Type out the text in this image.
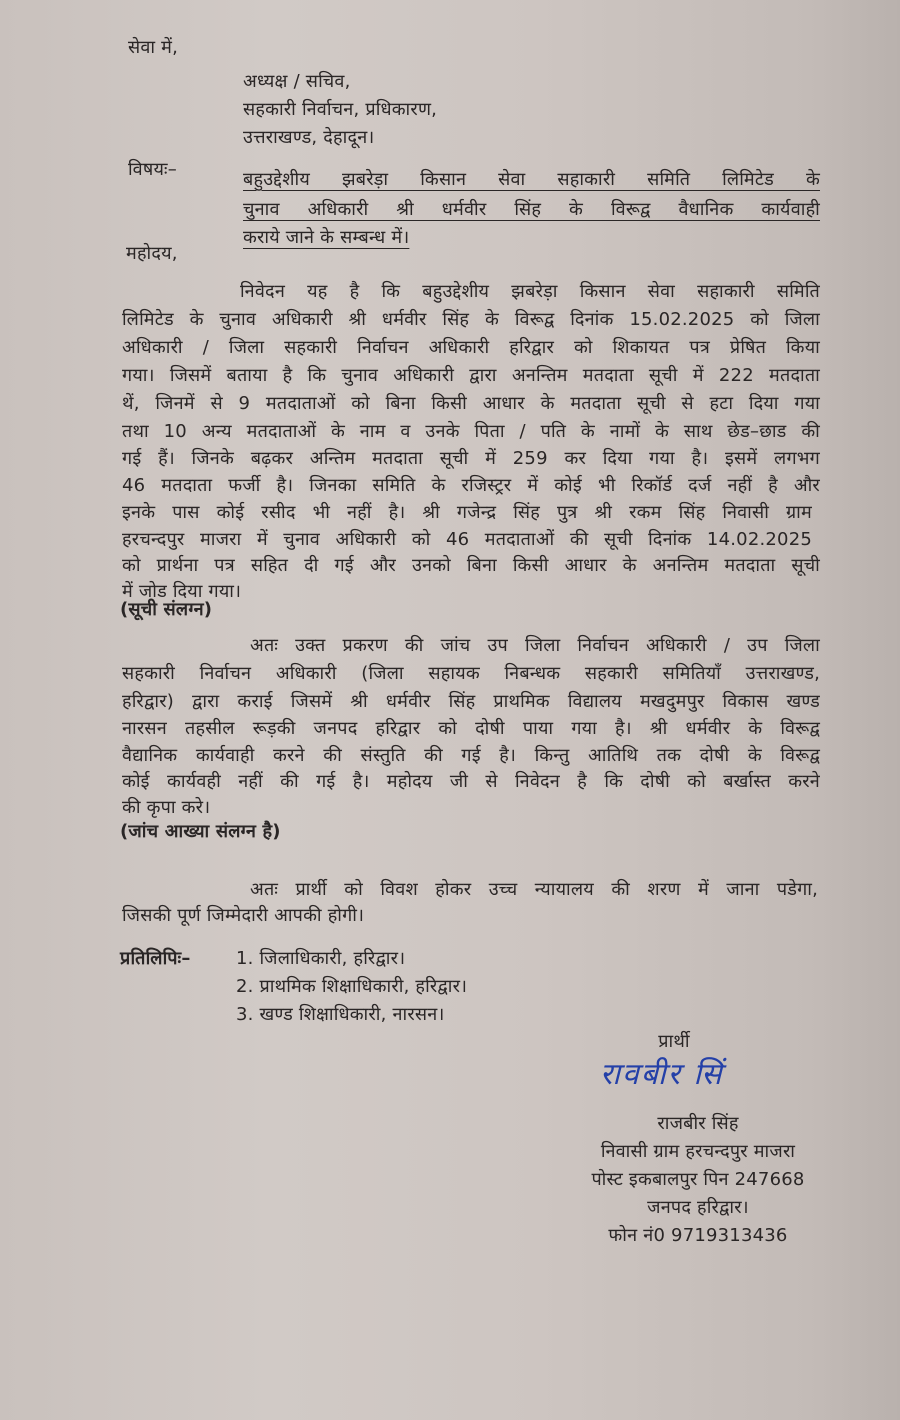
सेवा में,
अध्यक्ष / सचिव,
सहकारी निर्वाचन, प्रधिकारण,
उत्तराखण्ड, देहादून।
विषयः–	बहुउद्देशीय झबरेड़ा किसान सेवा सहाकारी समिति लिमिटेड के
चुनाव अधिकारी श्री धर्मवीर सिंह के विरूद्व वैधानिक कार्यवाही
कराये जाने के सम्बन्ध में।
महोदय,
निवेदन यह है कि बहुउद्देशीय झबरेड़ा किसान सेवा सहाकारी समिति
लिमिटेड के चुनाव अधिकारी श्री धर्मवीर सिंह के विरूद्व दिनांक 15.02.2025 को जिला
अधिकारी / जिला सहकारी निर्वाचन अधिकारी हरिद्वार को शिकायत पत्र प्रेषित किया
गया। जिसमें बताया है कि चुनाव अधिकारी द्वारा अनन्तिम मतदाता सूची में 222 मतदाता
थें, जिनमें से 9 मतदाताओं को बिना किसी आधार के मतदाता सूची से हटा दिया गया
तथा 10 अन्य मतदाताओं के नाम व उनके पिता / पति के नामों के साथ छेड–छाड की
गई हैं। जिनके बढ़कर अन्तिम मतदाता सूची में 259 कर दिया गया है। इसमें लगभग
46 मतदाता फर्जी है। जिनका समिति के रजिस्ट्रर में कोई भी रिकॉर्ड दर्ज नहीं है और
इनके पास कोई रसीद भी नहीं है। श्री गजेन्द्र सिंह पुत्र श्री रकम सिंह निवासी ग्राम
हरचन्दपुर माजरा में चुनाव अधिकारी को 46 मतदाताओं की सूची दिनांक 14.02.2025
को प्रार्थना पत्र सहित दी गई और उनको बिना किसी आधार के अनन्तिम मतदाता सूची
में जोड दिया गया।
(सूची संलग्न)
अतः उक्त प्रकरण की जांच उप जिला निर्वाचन अधिकारी / उप जिला
सहकारी निर्वाचन अधिकारी (जिला सहायक निबन्धक सहकारी समितियाँ उत्तराखण्ड,
हरिद्वार) द्वारा कराई जिसमें श्री धर्मवीर सिंह प्राथमिक विद्यालय मखदुमपुर विकास खण्ड
नारसन तहसील रूड़की जनपद हरिद्वार को दोषी पाया गया है। श्री धर्मवीर के विरूद्व
वैद्यानिक कार्यवाही करने की संस्तुति की गई है। किन्तु आतिथि तक दोषी के विरूद्व
कोई कार्यवही नहीं की गई है। महोदय जी से निवेदन है कि दोषी को बर्खास्त करने
की कृपा करे।
(जांच आख्या संलग्न है)
अतः प्रार्थी को विवश होकर उच्च न्यायालय की शरण में जाना पडेगा,
जिसकी पूर्ण जिम्मेदारी आपकी होगी।
प्रतिलिपिः–	1. जिलाधिकारी, हरिद्वार।
2. प्राथमिक शिक्षाधिकारी, हरिद्वार।
3. खण्ड शिक्षाधिकारी, नारसन।
प्रार्थी
रावबीर सिं
राजबीर सिंह
निवासी ग्राम हरचन्दपुर माजरा
पोस्ट इकबालपुर पिन 247668
जनपद हरिद्वार।
फोन नं0 9719313436
